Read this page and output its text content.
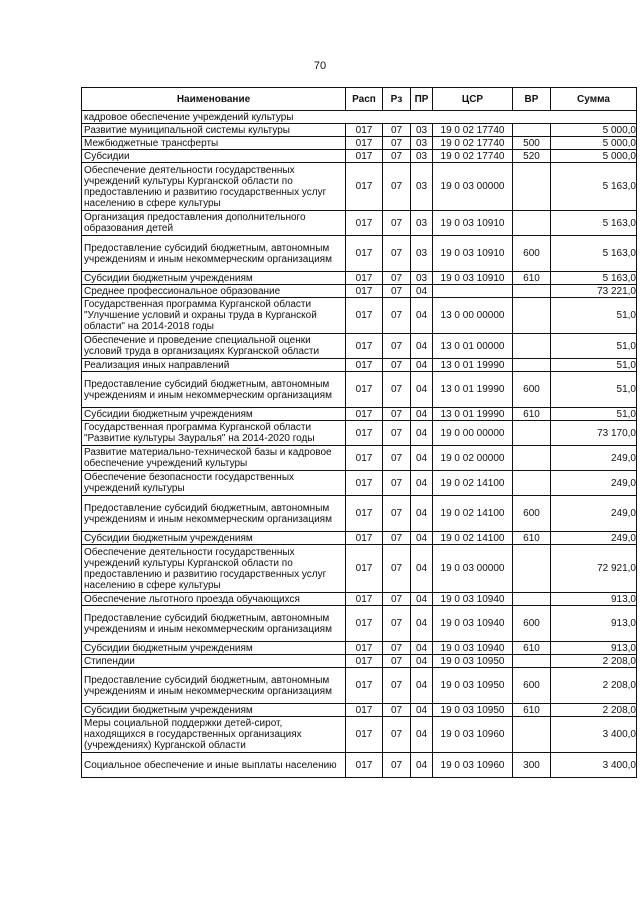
70
Наименование	Расп	Рз	ПР	ЦСР	ВР	Сумма
кадровое обеспечение учреждений культуры						
Развитие муниципальной системы культуры	017	07	03	19 0 02 17740		5 000,0
Межбюджетные трансферты	017	07	03	19 0 02 17740	500	5 000,0
Субсидии	017	07	03	19 0 02 17740	520	5 000,0
Обеспечение деятельности государственных учреждений культуры Курганской области по предоставлению и развитию государственных услуг населению в сфере культуры	017	07	03	19 0 03 00000		5 163,0
Организация предоставления дополнительного образования детей	017	07	03	19 0 03 10910		5 163,0
Предоставление субсидий бюджетным, автономным учреждениям и иным некоммерческим организациям	017	07	03	19 0 03 10910	600	5 163,0
Субсидии бюджетным учреждениям	017	07	03	19 0 03 10910	610	5 163,0
Среднее профессиональное образование	017	07	04			73 221,0
Государственная программа Курганской области "Улучшение условий и охраны труда в Курганской области" на 2014-2018 годы	017	07	04	13 0 00 00000		51,0
Обеспечение и проведение специальной оценки условий труда в организациях Курганской области	017	07	04	13 0 01 00000		51,0
Реализация иных направлений	017	07	04	13 0 01 19990		51,0
Предоставление субсидий бюджетным, автономным учреждениям и иным некоммерческим организациям	017	07	04	13 0 01 19990	600	51,0
Субсидии бюджетным учреждениям	017	07	04	13 0 01 19990	610	51,0
Государственная программа Курганской области "Развитие культуры Зауралья" на 2014-2020 годы	017	07	04	19 0 00 00000		73 170,0
Развитие материально-технической базы и кадровое обеспечение учреждений культуры	017	07	04	19 0 02 00000		249,0
Обеспечение безопасности государственных учреждений культуры	017	07	04	19 0 02 14100		249,0
Предоставление субсидий бюджетным, автономным учреждениям и иным некоммерческим организациям	017	07	04	19 0 02 14100	600	249,0
Субсидии бюджетным учреждениям	017	07	04	19 0 02 14100	610	249,0
Обеспечение деятельности государственных учреждений культуры Курганской области по предоставлению и развитию государственных услуг населению в сфере культуры	017	07	04	19 0 03 00000		72 921,0
Обеспечение льготного проезда обучающихся	017	07	04	19 0 03 10940		913,0
Предоставление субсидий бюджетным, автономным учреждениям и иным некоммерческим организациям	017	07	04	19 0 03 10940	600	913,0
Субсидии бюджетным учреждениям	017	07	04	19 0 03 10940	610	913,0
Стипендии	017	07	04	19 0 03 10950		2 208,0
Предоставление субсидий бюджетным, автономным учреждениям и иным некоммерческим организациям	017	07	04	19 0 03 10950	600	2 208,0
Субсидии бюджетным учреждениям	017	07	04	19 0 03 10950	610	2 208,0
Меры социальной поддержки детей-сирот, находящихся в государственных организациях (учреждениях) Курганской области	017	07	04	19 0 03 10960		3 400,0
Социальное обеспечение и иные выплаты населению	017	07	04	19 0 03 10960	300	3 400,0
